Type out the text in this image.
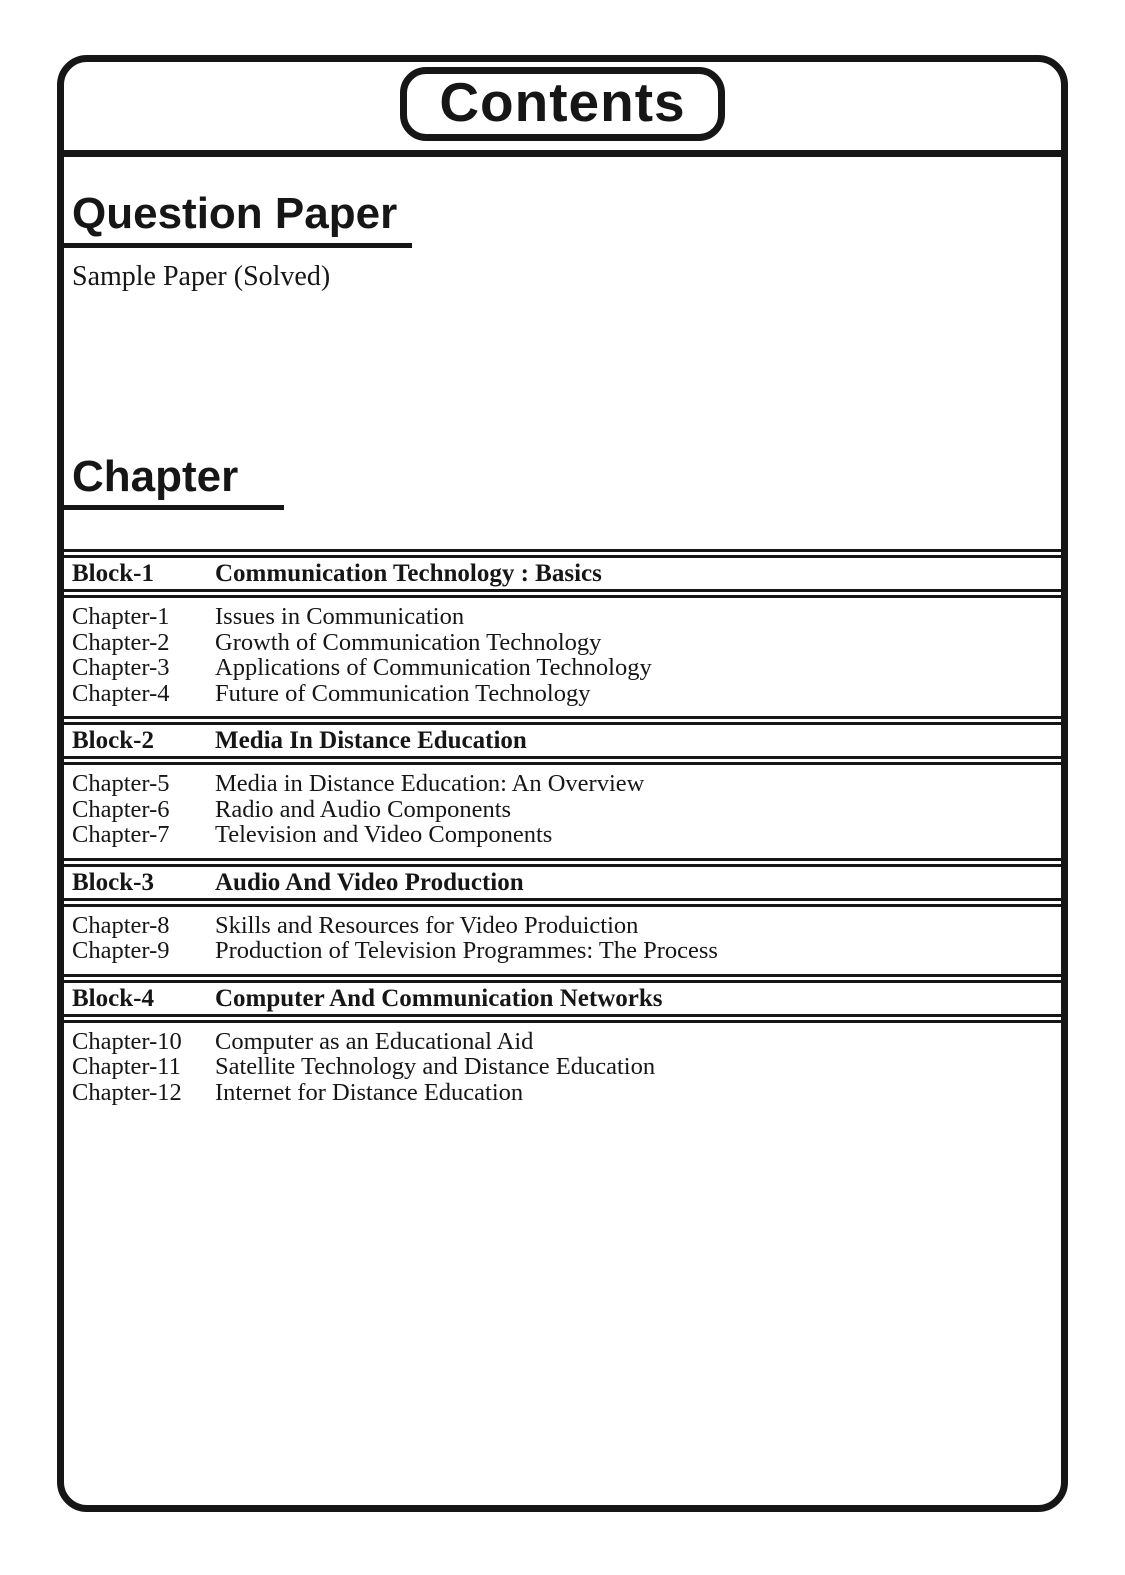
Contents
Question Paper
Sample Paper (Solved)
Chapter
Block-1	Communication Technology : Basics
Chapter-1	Issues in Communication
Chapter-2	Growth of Communication Technology
Chapter-3	Applications of Communication Technology
Chapter-4	Future of Communication Technology
Block-2	Media In Distance Education
Chapter-5	Media in Distance Education: An Overview
Chapter-6	Radio and Audio Components
Chapter-7	Television and Video Components
Block-3	Audio And Video Production
Chapter-8	Skills and Resources for Video Produiction
Chapter-9	Production of Television Programmes: The Process
Block-4	Computer And Communication Networks
Chapter-10	Computer as an Educational Aid
Chapter-11	Satellite Technology and Distance Education
Chapter-12	Internet for Distance Education
